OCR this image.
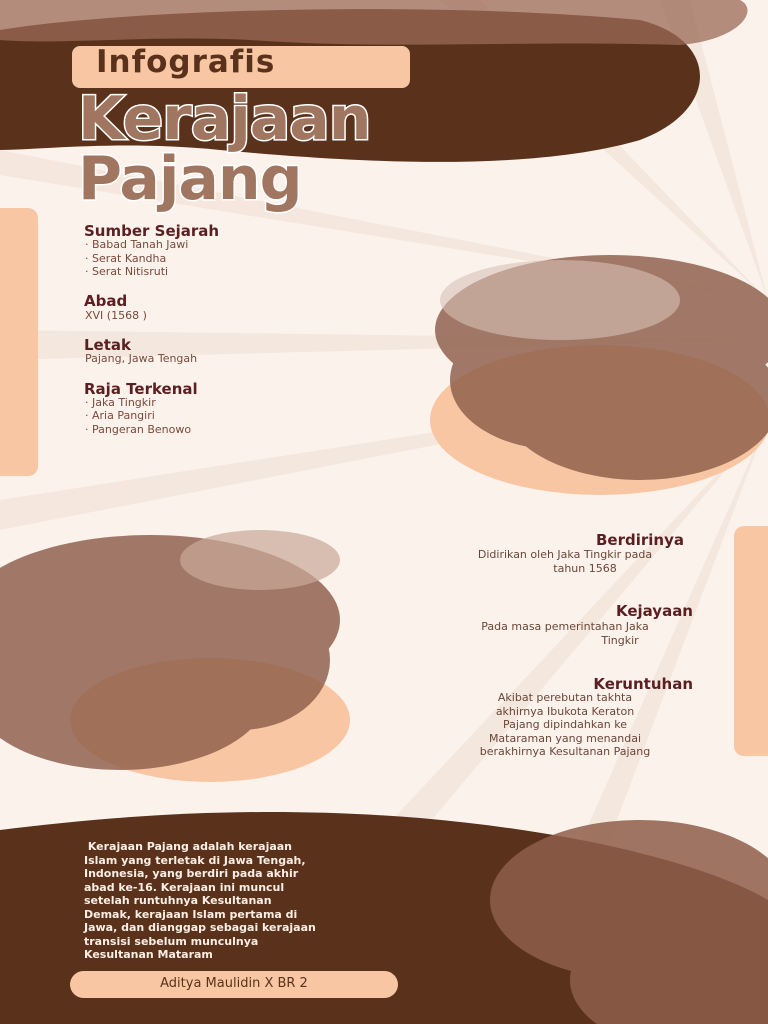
Infografis
Kerajaan
Pajang
Sumber Sejarah
· Babad Tanah Jawi
· Serat Kandha
· Serat Nitisruti
Abad
XVI (1568 )
Letak
Pajang, Jawa Tengah
Raja Terkenal
· Jaka Tingkir
· Aria Pangiri
· Pangeran Benowo
Berdirinya
Didirikan oleh Jaka Tingkir pada
tahun 1568
Kejayaan
Pada masa pemerintahan Jaka
Tingkir
Keruntuhan
Akibat perebutan takhta
akhirnya Ibukota Keraton
Pajang dipindahkan ke
Mataraman yang menandai
berakhirnya Kesultanan Pajang
Kerajaan Pajang adalah kerajaan
Islam yang terletak di Jawa Tengah,
Indonesia, yang berdiri pada akhir
abad ke-16. Kerajaan ini muncul
setelah runtuhnya Kesultanan
Demak, kerajaan Islam pertama di
Jawa, dan dianggap sebagai kerajaan
transisi sebelum munculnya
Kesultanan Mataram
Aditya Maulidin X BR 2
